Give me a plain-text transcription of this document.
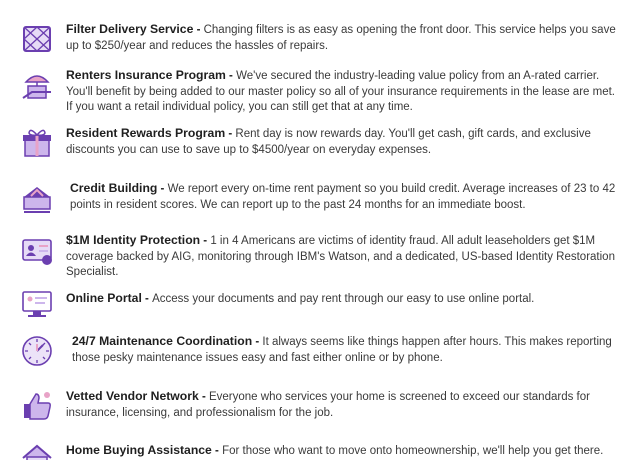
Filter Delivery Service - Changing filters is as easy as opening the front door. This service helps you save up to $250/year and reduces the hassles of repairs.
Renters Insurance Program - We've secured the industry-leading value policy from an A-rated carrier. You'll benefit by being added to our master policy so all of your insurance requirements in the lease are met. If you want a retail individual policy, you can still get that at any time.
Resident Rewards Program - Rent day is now rewards day. You'll get cash, gift cards, and exclusive discounts you can use to save up to $4500/year on everyday expenses.
Credit Building - We report every on-time rent payment so you build credit. Average increases of 23 to 42 points in resident scores. We can report up to the past 24 months for an immediate boost.
$1M Identity Protection - 1 in 4 Americans are victims of identity fraud. All adult leaseholders get $1M coverage backed by AIG, monitoring through IBM's Watson, and a dedicated, US-based Identity Restoration Specialist.
Online Portal - Access your documents and pay rent through our easy to use online portal.
24/7 Maintenance Coordination - It always seems like things happen after hours. This makes reporting those pesky maintenance issues easy and fast either online or by phone.
Vetted Vendor Network - Everyone who services your home is screened to exceed our standards for insurance, licensing, and professionalism for the job.
Home Buying Assistance - For those who want to move onto homeownership, we'll help you get there.
